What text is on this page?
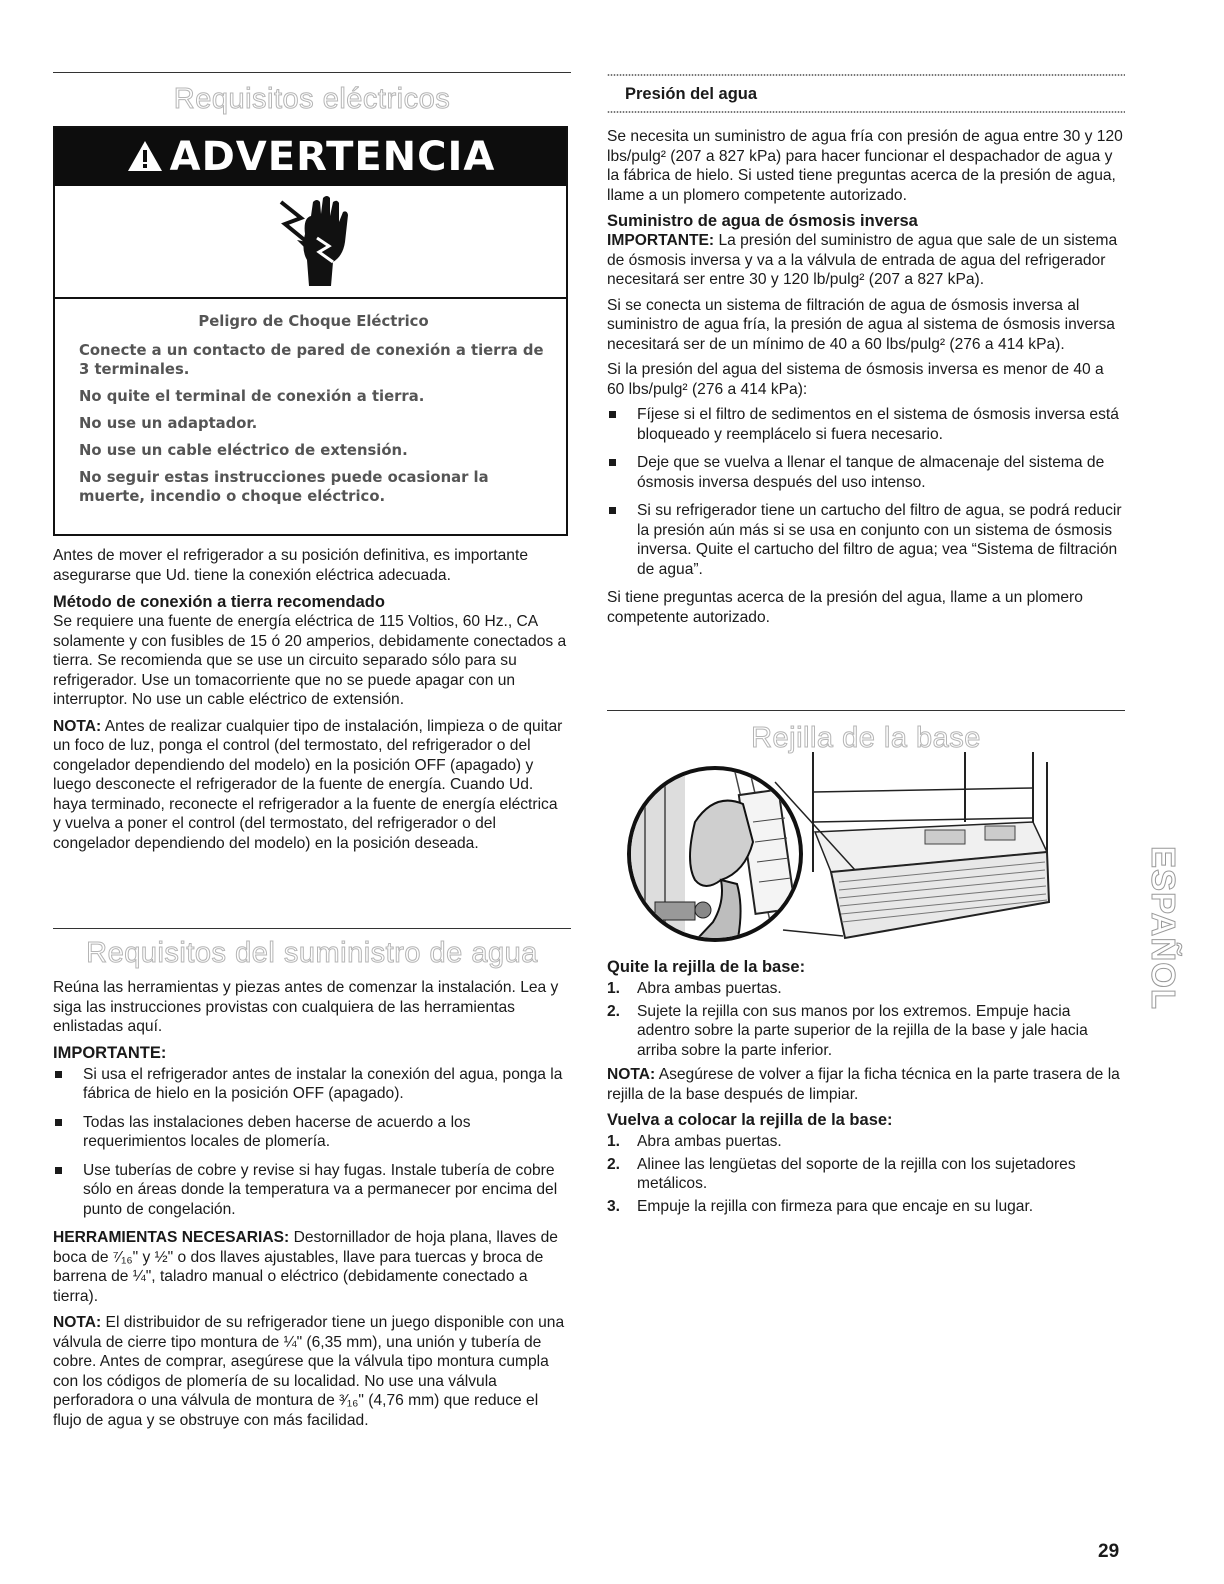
Requisitos eléctricos
ADVERTENCIA

Peligro de Choque Eléctrico

Conecte a un contacto de pared de conexión a tierra de 3 terminales.

No quite el terminal de conexión a tierra.

No use un adaptador.

No use un cable eléctrico de extensión.

No seguir estas instrucciones puede ocasionar la muerte, incendio o choque eléctrico.

Antes de mover el refrigerador a su posición definitiva, es importante asegurarse que Ud. tiene la conexión eléctrica adecuada.

Método de conexión a tierra recomendado

Se requiere una fuente de energía eléctrica de 115 Voltios, 60 Hz., CA solamente y con fusibles de 15 ó 20 amperios, debidamente conectados a tierra. Se recomienda que se use un circuito separado sólo para su refrigerador. Use un tomacorriente que no se puede apagar con un interruptor. No use un cable eléctrico de extensión.

NOTA: Antes de realizar cualquier tipo de instalación, limpieza o de quitar un foco de luz, ponga el control (del termostato, del refrigerador o del congelador dependiendo del modelo) en la posición OFF (apagado) y luego desconecte el refrigerador de la fuente de energía. Cuando Ud. haya terminado, reconecte el refrigerador a la fuente de energía eléctrica y vuelva a poner el control (del termostato, del refrigerador o del congelador dependiendo del modelo) en la posición deseada.

Requisitos del suministro de agua

Reúna las herramientas y piezas antes de comenzar la instalación. Lea y siga las instrucciones provistas con cualquiera de las herramientas enlistadas aquí.

IMPORTANTE:
Si usa el refrigerador antes de instalar la conexión del agua, ponga la fábrica de hielo en la posición OFF (apagado).
Todas las instalaciones deben hacerse de acuerdo a los requerimientos locales de plomería.
Use tuberías de cobre y revise si hay fugas. Instale tubería de cobre sólo en áreas donde la temperatura va a permanecer por encima del punto de congelación.

HERRAMIENTAS NECESARIAS: Destornillador de hoja plana, llaves de boca de ⁷⁄₁₆" y ½" o dos llaves ajustables, llave para tuercas y broca de barrena de ¼", taladro manual o eléctrico (debidamente conectado a tierra).

NOTA: El distribuidor de su refrigerador tiene un juego disponible con una válvula de cierre tipo montura de ¼" (6,35 mm), una unión y tubería de cobre. Antes de comprar, asegúrese que la válvula tipo montura cumpla con los códigos de plomería de su localidad. No use una válvula perforadora o una válvula de montura de ³⁄₁₆" (4,76 mm) que reduce el flujo de agua y se obstruye con más facilidad.

Presión del agua

Se necesita un suministro de agua fría con presión de agua entre 30 y 120 lbs/pulg² (207 a 827 kPa) para hacer funcionar el despachador de agua y la fábrica de hielo. Si usted tiene preguntas acerca de la presión de agua, llame a un plomero competente autorizado.

Suministro de agua de ósmosis inversa

IMPORTANTE: La presión del suministro de agua que sale de un sistema de ósmosis inversa y va a la válvula de entrada de agua del refrigerador necesitará ser entre 30 y 120 lb/pulg² (207 a 827 kPa).

Si se conecta un sistema de filtración de agua de ósmosis inversa al suministro de agua fría, la presión de agua al sistema de ósmosis inversa necesitará ser de un mínimo de 40 a 60 lbs/pulg² (276 a 414 kPa).

Si la presión del agua del sistema de ósmosis inversa es menor de 40 a 60 lbs/pulg² (276 a 414 kPa):

Fíjese si el filtro de sedimentos en el sistema de ósmosis inversa está bloqueado y reemplácelo si fuera necesario.
Deje que se vuelva a llenar el tanque de almacenaje del sistema de ósmosis inversa después del uso intenso.
Si su refrigerador tiene un cartucho del filtro de agua, se podrá reducir la presión aún más si se usa en conjunto con un sistema de ósmosis inversa. Quite el cartucho del filtro de agua; vea “Sistema de filtración de agua”.

Si tiene preguntas acerca de la presión del agua, llame a un plomero competente autorizado.

Rejilla de la base
Quite la rejilla de la base:
1. Abra ambas puertas.
2. Sujete la rejilla con sus manos por los extremos. Empuje hacia adentro sobre la parte superior de la rejilla de la base y jale hacia arriba sobre la parte inferior.

NOTA: Asegúrese de volver a fijar la ficha técnica en la parte trasera de la rejilla de la base después de limpiar.

Vuelva a colocar la rejilla de la base:
1. Abra ambas puertas.
2. Alinee las lengüetas del soporte de la rejilla con los sujetadores metálicos.
3. Empuje la rejilla con firmeza para que encaje en su lugar.
ESPAÑOL
29
